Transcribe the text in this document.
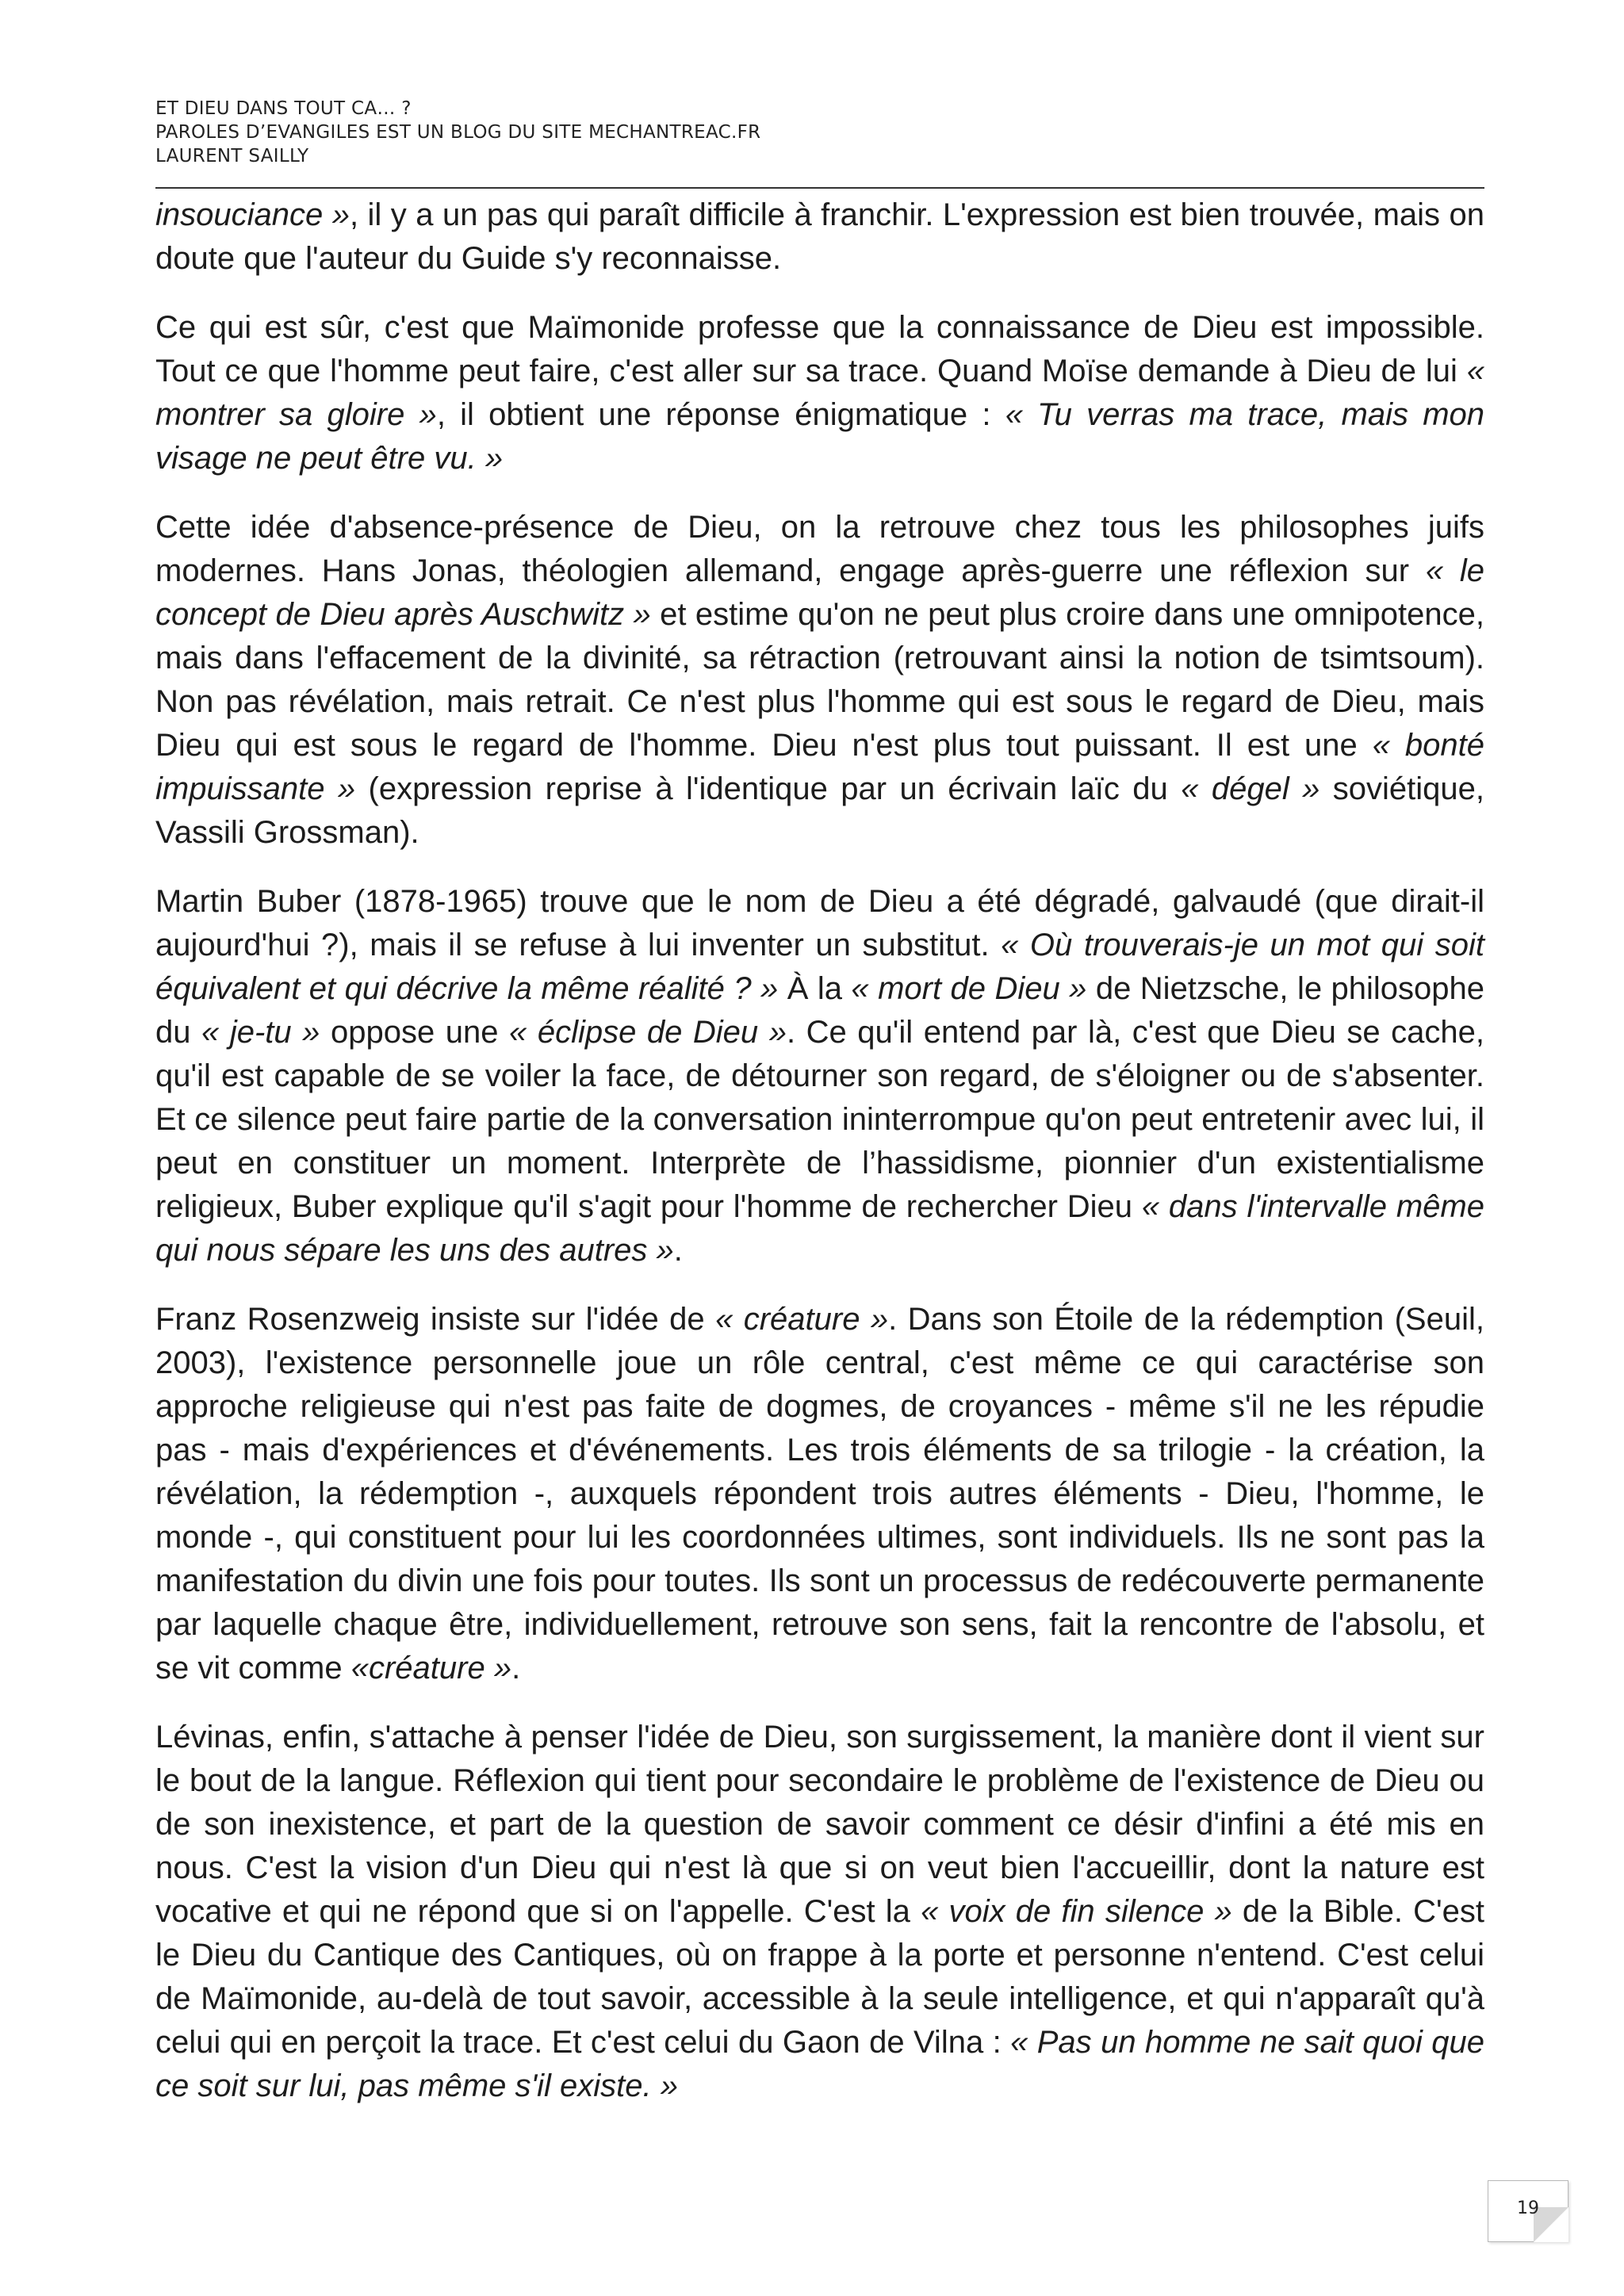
ET DIEU DANS TOUT CA… ?
PAROLES D’EVANGILES EST UN BLOG DU SITE MECHANTREAC.FR
LAURENT SAILLY

insouciance », il y a un pas qui paraît difficile à franchir. L'expression est bien trouvée, mais on doute que l'auteur du Guide s'y reconnaisse.

Ce qui est sûr, c'est que Maïmonide professe que la connaissance de Dieu est impossible. Tout ce que l'homme peut faire, c'est aller sur sa trace. Quand Moïse demande à Dieu de lui « montrer sa gloire », il obtient une réponse énigmatique : « Tu verras ma trace, mais mon visage ne peut être vu. »

Cette idée d'absence-présence de Dieu, on la retrouve chez tous les philosophes juifs modernes. Hans Jonas, théologien allemand, engage après-guerre une réflexion sur « le concept de Dieu après Auschwitz » et estime qu'on ne peut plus croire dans une omnipotence, mais dans l'effacement de la divinité, sa rétraction (retrouvant ainsi la notion de tsimtsoum). Non pas révélation, mais retrait. Ce n'est plus l'homme qui est sous le regard de Dieu, mais Dieu qui est sous le regard de l'homme. Dieu n'est plus tout puissant. Il est une « bonté impuissante » (expression reprise à l'identique par un écrivain laïc du « dégel » soviétique, Vassili Grossman).

Martin Buber (1878-1965) trouve que le nom de Dieu a été dégradé, galvaudé (que dirait-il aujourd'hui ?), mais il se refuse à lui inventer un substitut. « Où trouverais-je un mot qui soit équivalent et qui décrive la même réalité ? » À la « mort de Dieu » de Nietzsche, le philosophe du « je-tu » oppose une « éclipse de Dieu ». Ce qu'il entend par là, c'est que Dieu se cache, qu'il est capable de se voiler la face, de détourner son regard, de s'éloigner ou de s'absenter. Et ce silence peut faire partie de la conversation ininterrompue qu'on peut entretenir avec lui, il peut en constituer un moment. Interprète de l’hassidisme, pionnier d'un existentialisme religieux, Buber explique qu'il s'agit pour l'homme de rechercher Dieu « dans l'intervalle même qui nous sépare les uns des autres ».

Franz Rosenzweig insiste sur l'idée de « créature ». Dans son Étoile de la rédemption (Seuil, 2003), l'existence personnelle joue un rôle central, c'est même ce qui caractérise son approche religieuse qui n'est pas faite de dogmes, de croyances - même s'il ne les répudie pas - mais d'expériences et d'événements. Les trois éléments de sa trilogie - la création, la révélation, la rédemption -, auxquels répondent trois autres éléments - Dieu, l'homme, le monde -, qui constituent pour lui les coordonnées ultimes, sont individuels. Ils ne sont pas la manifestation du divin une fois pour toutes. Ils sont un processus de redécouverte permanente par laquelle chaque être, individuellement, retrouve son sens, fait la rencontre de l'absolu, et se vit comme «créature ».

Lévinas, enfin, s'attache à penser l'idée de Dieu, son surgissement, la manière dont il vient sur le bout de la langue. Réflexion qui tient pour secondaire le problème de l'existence de Dieu ou de son inexistence, et part de la question de savoir comment ce désir d'infini a été mis en nous. C'est la vision d'un Dieu qui n'est là que si on veut bien l'accueillir, dont la nature est vocative et qui ne répond que si on l'appelle. C'est la « voix de fin silence » de la Bible. C'est le Dieu du Cantique des Cantiques, où on frappe à la porte et personne n'entend. C'est celui de Maïmonide, au-delà de tout savoir, accessible à la seule intelligence, et qui n'apparaît qu'à celui qui en perçoit la trace. Et c'est celui du Gaon de Vilna : « Pas un homme ne sait quoi que ce soit sur lui, pas même s'il existe. »

19
